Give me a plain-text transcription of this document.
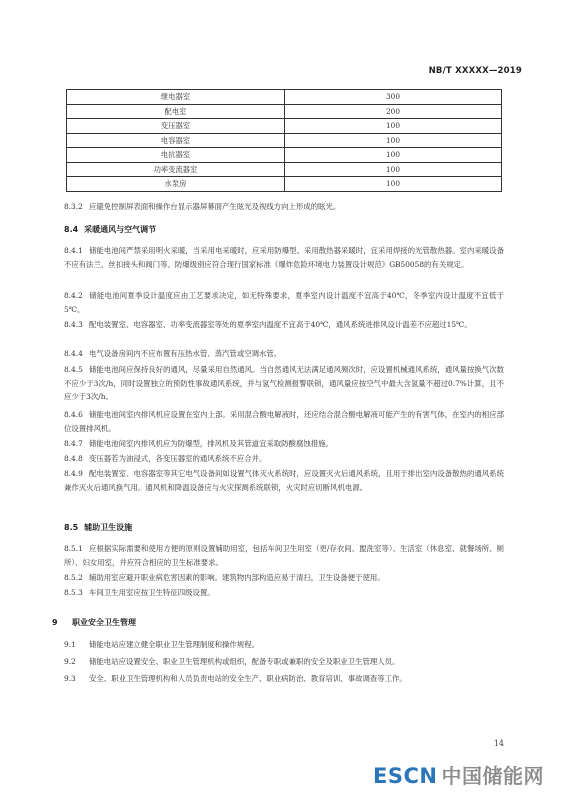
NB/T XXXXX—2019
继电器室	300
配电室	200
变压器室	100
电容器室	100
电抗器室	100
功率变流器室	100
水泵房	100
8.3.2 应避免控制屏表面和操作台显示器屏幕面产生眩光及视线方向上形成的眩光。
8.4 采暖通风与空气调节
8.4.1 储能电池间严禁采用明火采暖，当采用电采暖时，应采用防爆型。采用散热器采暖时，宜采用焊接的光管散热器。室内采暖设备不应有法兰、丝扣接头和阀门等。防爆级别应符合现行国家标准《爆炸危险环境电力装置设计规范》GB50058的有关规定。
8.4.2 储能电池间夏季设计温度应由工艺要求决定，如无特殊要求，夏季室内设计温度不宜高于40℃，冬季室内设计温度不宜低于5℃。
8.4.3 配电装置室、电容器室、功率变流器室等处的夏季室内温度不宜高于40℃，通风系统进排风设计温差不应超过15℃。
8.4.4 电气设备房间内不应布置有压热水管、蒸汽管或空调水管。
8.4.5 储能电池间应保持良好的通风，尽量采用自然通风。当自然通风无法满足通风频次时，应设置机械通风系统，通风量按换气次数不应少于3次/h，同时设置独立的预防性事故通风系统，并与氢气检测报警联锁，通风量应按空气中最大含氢量不超过0.7%计算，且不应少于3次/h。
8.4.6 储能电池间室内排风机应设置在室内上部。采用混合酸电解液时，还应结合混合酸电解液可能产生的有害气体，在室内的相应部位设置排风机。
8.4.7 储能电池间室内排风机应为防爆型，排风机及其管道宜采取防酸腐蚀措施。
8.4.8 变压器若为油浸式，各变压器室的通风系统不应合并。
8.4.9 配电装置室、电容器室等其它电气设备间如设置气体灭火系统时，应设置灭火后通风系统，且用于排出室内设备散热的通风系统兼作灭火后通风换气用。通风机和降温设备应与火灾探测系统联锁，火灾时应切断风机电源。
8.5 辅助卫生设施
8.5.1 应根据实际需要和使用方便的原则设置辅助用室，包括车间卫生用室（更/存衣间、盥洗室等）、生活室（休息室、就餐场所、厕所）、妇女用室，并应符合相应的卫生标准要求。
8.5.2 辅助用室应避开职业病危害因素的影响。建筑物内部构造应易于清扫，卫生设备便于使用。
8.5.3 车间卫生用室应按卫生特征四级设置。
9 职业安全卫生管理
9.1 储能电站应建立健全职业卫生管理制度和操作规程。
9.2 储能电站应设置安全、职业卫生管理机构或组织，配备专职或兼职的安全及职业卫生管理人员。
9.3 安全、职业卫生管理机构和人员负责电站的安全生产、职业病防治、教育培训、事故调查等工作。
14
ESCN 中国储能网
